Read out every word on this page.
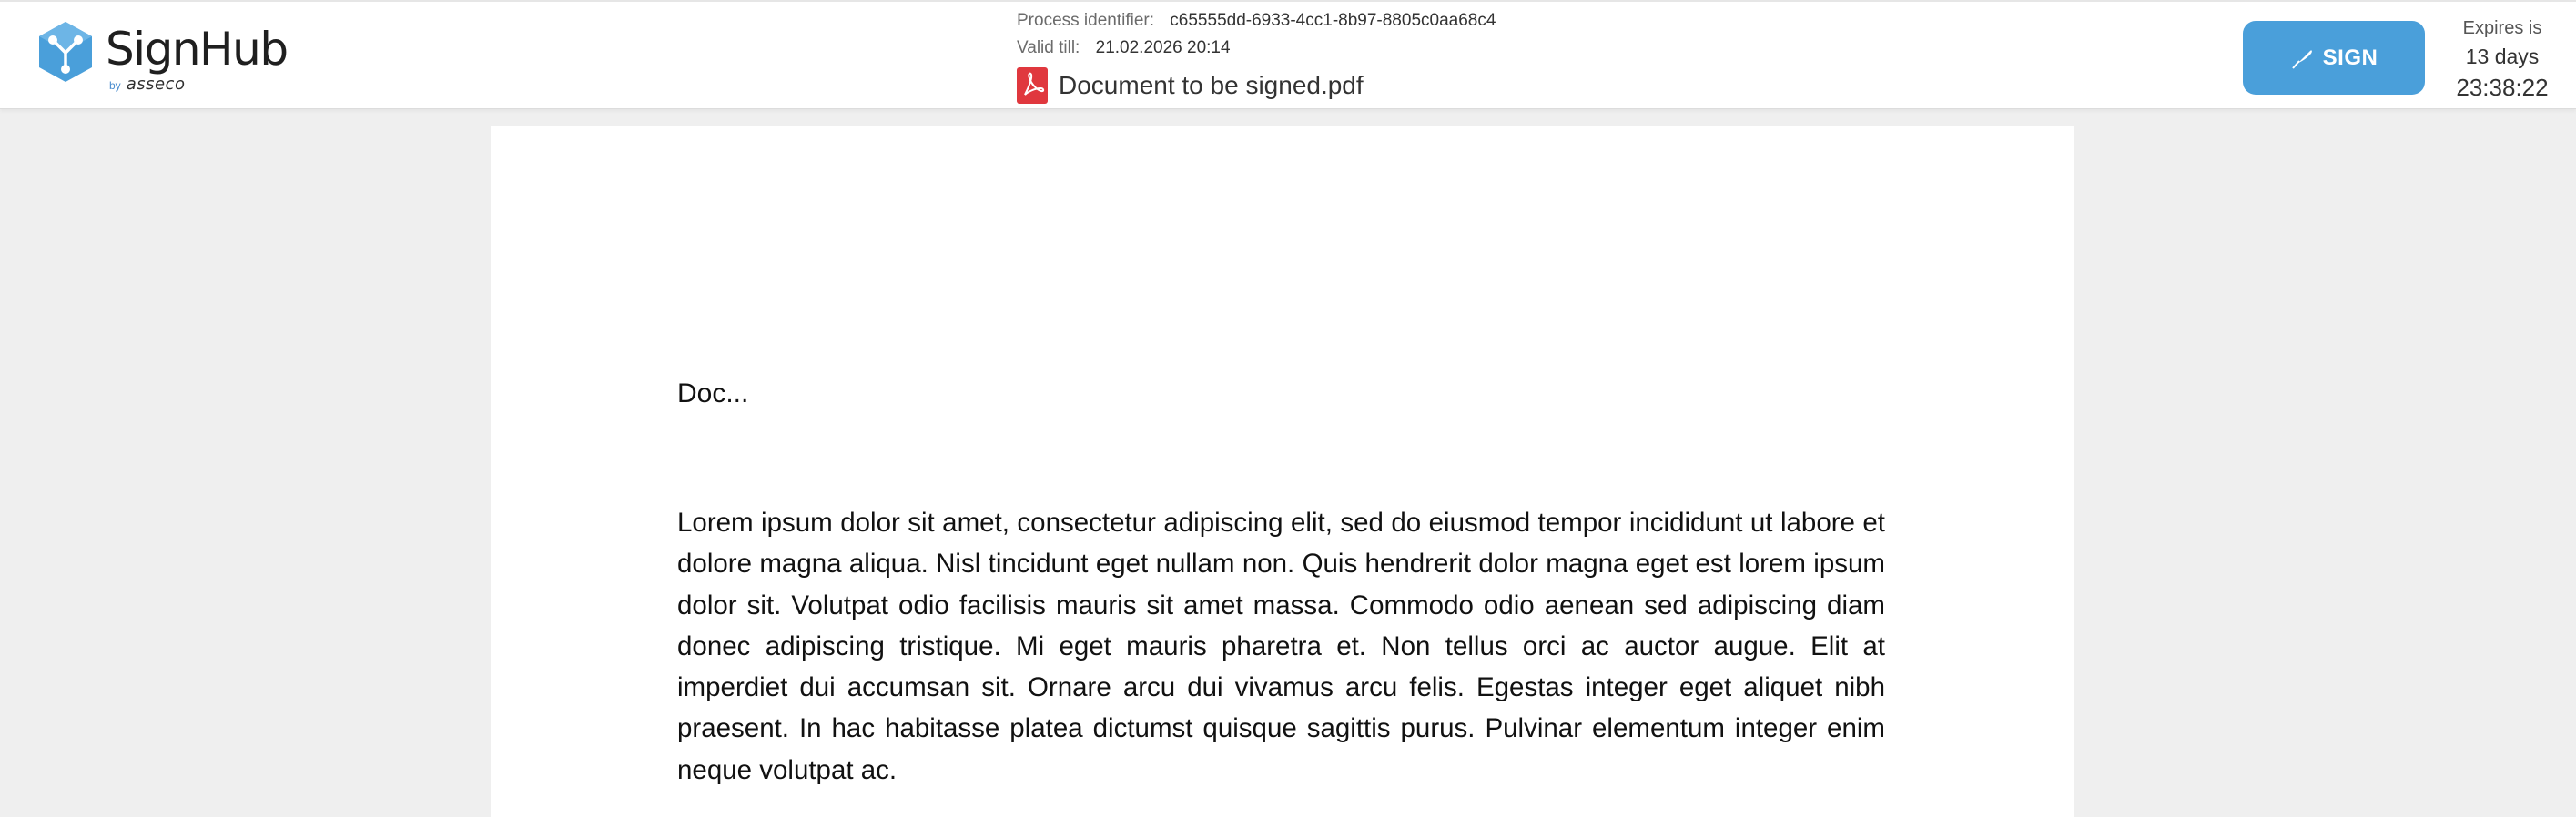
SignHub
by asseco
Process identifier: c65555dd-6933-4cc1-8b97-8805c0aa68c4
Valid till: 21.02.2026 20:14
Document to be signed.pdf
SIGN
Expires is
13 days
23:38:22
Doc...
Lorem ipsum dolor sit amet, consectetur adipiscing elit, sed do eiusmod tempor incididunt ut labore et dolore magna aliqua. Nisl tincidunt eget nullam non. Quis hendrerit dolor magna eget est lorem ipsum dolor sit. Volutpat odio facilisis mauris sit amet massa. Commodo odio aenean sed adipiscing diam donec adipiscing tristique. Mi eget mauris pharetra et. Non tellus orci ac auctor augue. Elit at imperdiet dui accumsan sit. Ornare arcu dui vivamus arcu felis. Egestas integer eget aliquet nibh praesent. In hac habitasse platea dictumst quisque sagittis purus. Pulvinar elementum integer enim neque volutpat ac.
